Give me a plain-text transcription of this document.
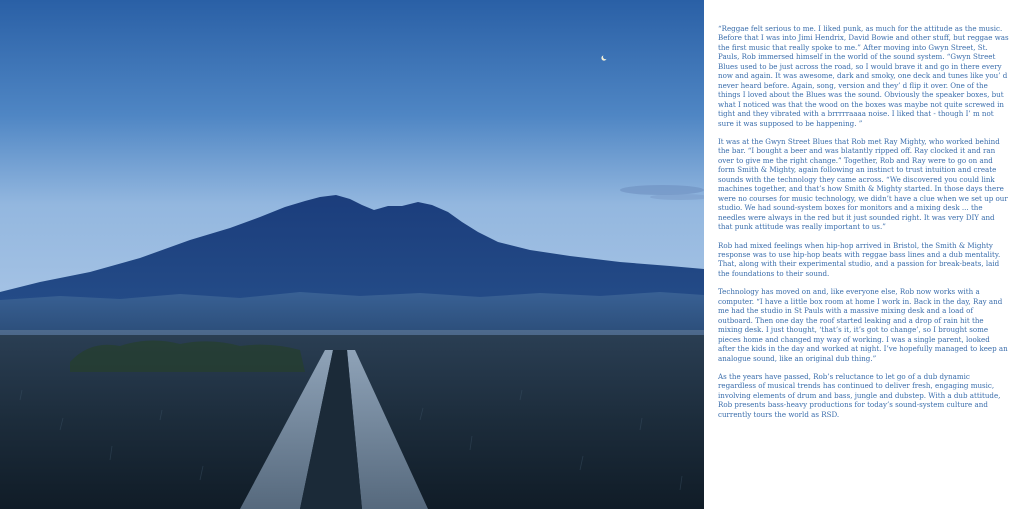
“Reggae felt serious to me. I liked punk, as much for the attitude as the music. Before that I was into Jimi Hendrix, David Bowie and other stuff, but reggae was the first music that really spoke to me.” After moving into Gwyn Street, St. Pauls, Rob immersed himself in the world of the sound system. “Gwyn Street Blues used to be just across the road, so I would brave it and go in there every now and again. It was awesome, dark and smoky, one deck and tunes like you’ d never heard before. Again, song, version and they’ d flip it over. One of the things I loved about the Blues was the sound. Obviously the speaker boxes, but what I noticed was that the wood on the boxes was maybe not quite screwed in tight and they vibrated with a brrrrraaaa noise. I liked that - though I’ m not sure it was supposed to be happening. ”

It was at the Gwyn Street Blues that Rob met Ray Mighty, who worked behind the bar. “I bought a beer and was blatantly ripped off. Ray clocked it and ran over to give me the right change.” Together, Rob and Ray were to go on and form Smith & Mighty, again following an instinct to trust intuition and create sounds with the technology they came across. “We discovered you could link machines together, and that’s how Smith & Mighty started. In those days there were no courses for music technology, we didn’t have a clue when we set up our studio. We had sound-system boxes for monitors and a mixing desk ... the needles were always in the red but it just sounded right. It was very DIY and that punk attitude was really important to us.”

Rob had mixed feelings when hip-hop arrived in Bristol, the Smith & Mighty response was to use hip-hop beats with reggae bass lines and a dub mentality. That, along with their experimental studio, and a passion for break-beats, laid the foundations to their sound.

Technology has moved on and, like everyone else, Rob now works with a computer. “I have a little box room at home I work in. Back in the day, Ray and me had the studio in St Pauls with a massive mixing desk and a load of outboard. Then one day the roof started leaking and a drop of rain hit the mixing desk. I just thought, ‘that’s it, it’s got to change’, so I brought some pieces home and changed my way of working. I was a single parent, looked after the kids in the day and worked at night. I’ve hopefully managed to keep an analogue sound, like an original dub thing.”

As the years have passed, Rob’s reluctance to let go of a dub dynamic regardless of musical trends has continued to deliver fresh, engaging music, involving elements of drum and bass, jungle and dubstep. With a dub attitude, Rob presents bass-heavy productions for today’s sound-system culture and currently tours the world as RSD.
